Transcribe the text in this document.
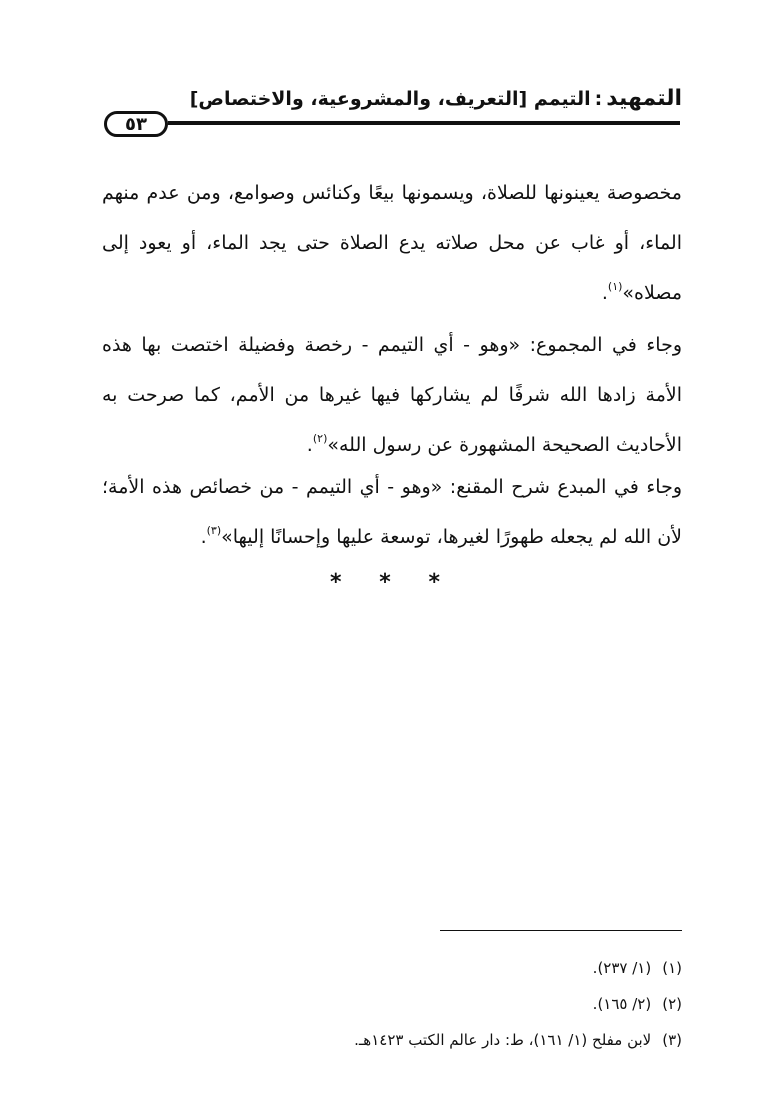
التمهيد:التيمم [التعريف، والمشروعية، والاختصاص]
٥٣

مخصوصة يعينونها للصلاة، ويسمونها بيعًا وكنائس وصوامع، ومن عدم منهم الماء، أو غاب عن محل صلاته يدع الصلاة حتى يجد الماء، أو يعود إلى مصلاه»$^{(١)}$.

وجاء في المجموع: «وهو - أي التيمم - رخصة وفضيلة اختصت بها هذه الأمة زادها الله شرفًا لم يشاركها فيها غيرها من الأمم، كما صرحت به الأحاديث الصحيحة المشهورة عن رسول الله»$^{(٢)}$.

وجاء في المبدع شرح المقنع: «وهو - أي التيمم - من خصائص هذه الأمة؛ لأن الله لم يجعله طهورًا لغيرها، توسعة عليها وإحسانًا إليها»$^{(٣)}$.

* * *
(١) (١/ ٢٣٧).
(٢) (٢/ ١٦٥).
(٣) لابن مفلح (١/ ١٦١)، ط: دار عالم الكتب ١٤٢٣هـ.
